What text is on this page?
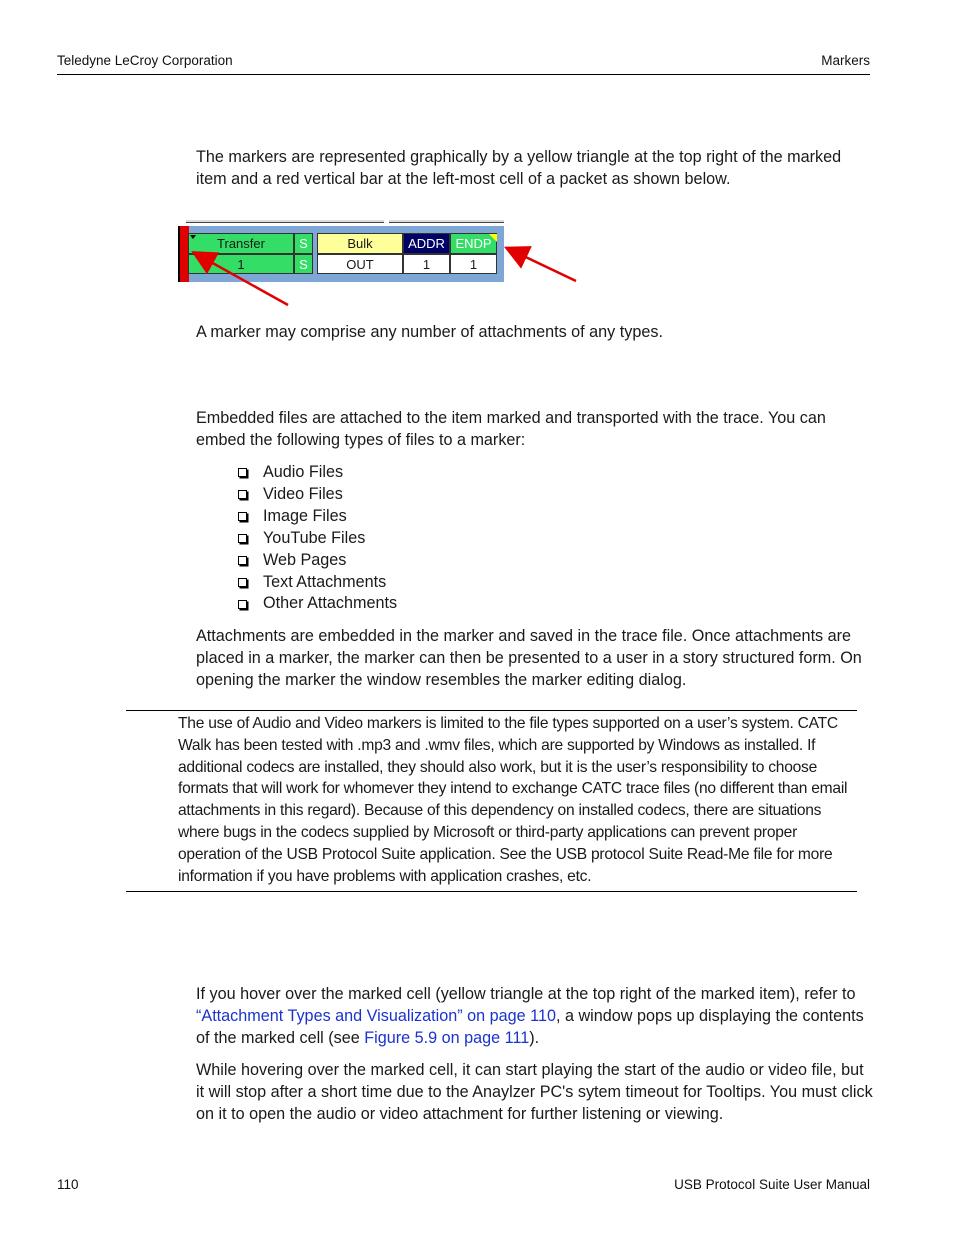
Teledyne LeCroy Corporation	Markers

The markers are represented graphically by a yellow triangle at the top right of the marked item and a red vertical bar at the left-most cell of a packet as shown below.

Transfer
1
S
S
Bulk
OUT
ADDR
1
ENDP
1

A marker may comprise any number of attachments of any types.

Embedded files are attached to the item marked and transported with the trace. You can embed the following types of files to a marker:

Audio Files
Video Files
Image Files
YouTube Files
Web Pages
Text Attachments
Other Attachments

Attachments are embedded in the marker and saved in the trace file. Once attachments are placed in a marker, the marker can then be presented to a user in a story structured form. On opening the marker the window resembles the marker editing dialog.

The use of Audio and Video markers is limited to the file types supported on a user’s system. CATC Walk has been tested with .mp3 and .wmv files, which are supported by Windows as installed. If additional codecs are installed, they should also work, but it is the user’s responsibility to choose formats that will work for whomever they intend to exchange CATC trace files (no different than email attachments in this regard). Because of this dependency on installed codecs, there are situations where bugs in the codecs supplied by Microsoft or third-party applications can prevent proper operation of the USB Protocol Suite application. See the USB protocol Suite Read-Me file for more information if you have problems with application crashes, etc.

If you hover over the marked cell (yellow triangle at the top right of the marked item), refer to “Attachment Types and Visualization” on page 110, a window pops up displaying the contents of the marked cell (see Figure 5.9 on page 111).

While hovering over the marked cell, it can start playing the start of the audio or video file, but it will stop after a short time due to the Anaylzer PC's sytem timeout for Tooltips. You must click on it to open the audio or video attachment for further listening or viewing.

110	USB Protocol Suite User Manual
